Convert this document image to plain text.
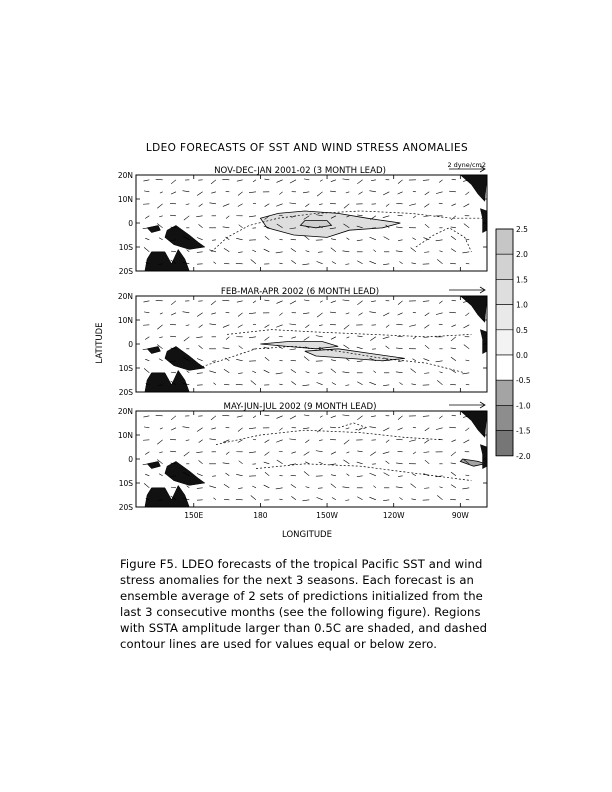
LDEO FORECASTS OF SST AND WIND STRESS ANOMALIES
LONGITUDE
LATITUDE
NOV-DEC-JAN 2001-02 (3 MONTH LEAD)
20N
10N
0
10S
20S
2 dyne/cm2
FEB-MAR-APR 2002 (6 MONTH LEAD)
20N
10N
0
10S
20S
MAY-JUN-JUL 2002 (9 MONTH LEAD)
20N
10N
0
10S
20S
150E	180	150W	120W	90W
2.5
2.0
1.5
1.0
0.5
0.0
-0.5
-1.0
-1.5
-2.0
Figure F5. LDEO forecasts of the tropical Pacific SST and wind
stress anomalies for the next 3 seasons. Each forecast is an
ensemble average of 2 sets of predictions initialized from the
last 3 consecutive months (see the following figure). Regions
with SSTA amplitude larger than 0.5C are shaded, and dashed
contour lines are used for values equal or below zero.
